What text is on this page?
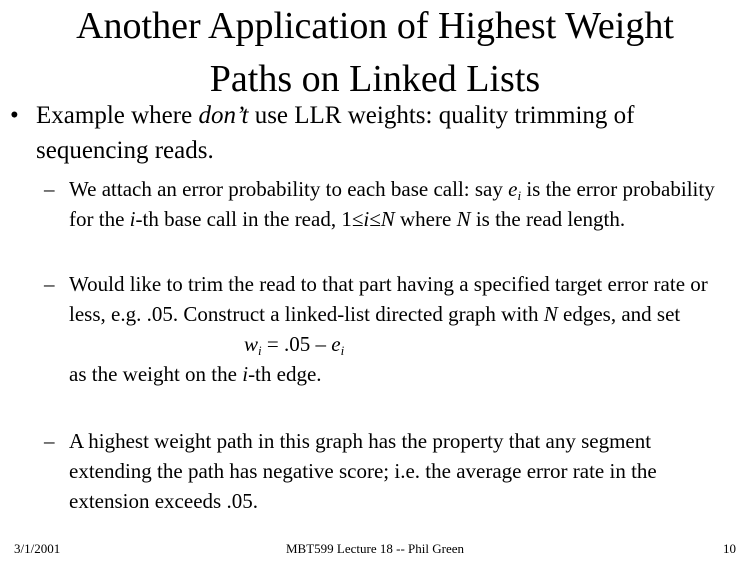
Another Application of Highest Weight
Paths on Linked Lists
• Example where don’t use LLR weights: quality trimming of sequencing reads.
– We attach an error probability to each base call: say $e_i$ is the error probability for the i-th base call in the read, 1≤i≤N where N is the read length.
– Would like to trim the read to that part having a specified target error rate or less, e.g. .05. Construct a linked-list directed graph with N edges, and set
$w_i = .05 - e_i$
as the weight on the i-th edge.
– A highest weight path in this graph has the property that any segment extending the path has negative score; i.e. the average error rate in the extension exceeds .05.
3/1/2001	MBT599 Lecture 18 -- Phil Green	10
